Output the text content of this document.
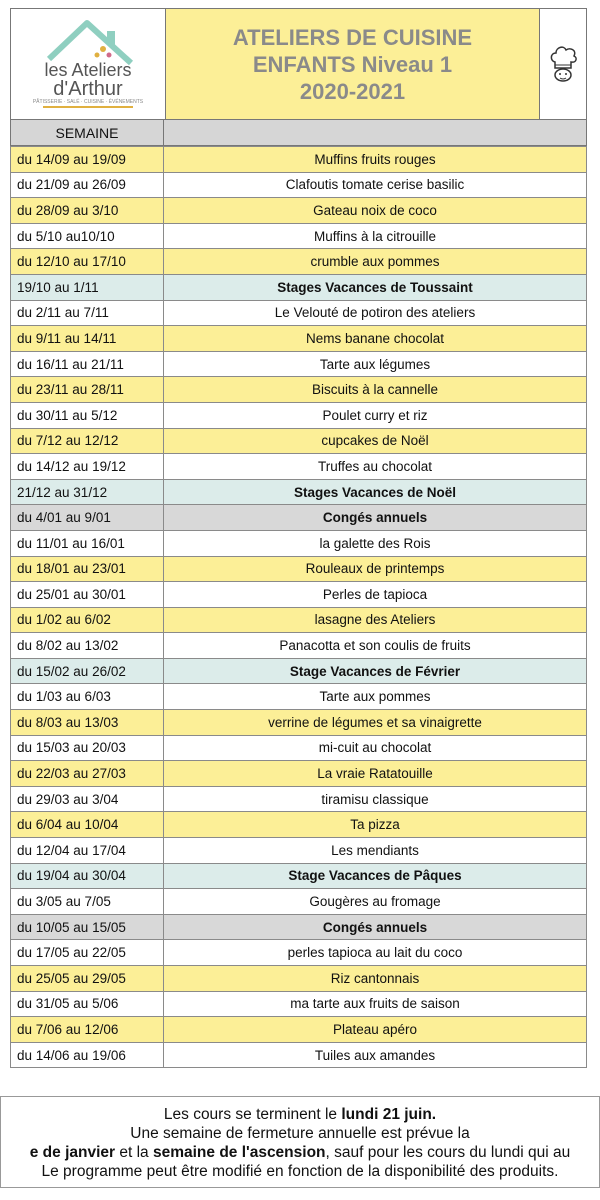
les Ateliers
d'Arthur
PÂTISSERIE · SALÉ · CUISINE · ÉVÉNEMENTS
ATELIERS DE CUISINE
ENFANTS Niveau 1
2020-2021
SEMAINE
du 14/09 au 19/09	Muffins fruits rouges
du 21/09 au 26/09	Clafoutis tomate cerise basilic
du 28/09 au 3/10	Gateau noix de coco
du 5/10 au10/10	Muffins à la citrouille
du 12/10 au 17/10	crumble aux pommes
19/10 au 1/11	Stages Vacances de Toussaint
du 2/11 au 7/11	Le Velouté de potiron des ateliers
du 9/11 au 14/11	Nems banane chocolat
du 16/11 au 21/11	Tarte aux légumes
du 23/11 au 28/11	Biscuits à la cannelle
du 30/11 au 5/12	Poulet curry et riz
du 7/12 au 12/12	cupcakes de Noël
du 14/12 au 19/12	Truffes au chocolat
21/12 au 31/12	Stages Vacances de Noël
du 4/01 au 9/01	Congés annuels
du 11/01 au 16/01	la galette des Rois
du 18/01 au 23/01	Rouleaux de printemps
du 25/01 au 30/01	Perles de tapioca
du 1/02 au 6/02	lasagne des Ateliers
du 8/02 au 13/02	Panacotta et son coulis de fruits
du 15/02 au 26/02	Stage Vacances de Février
du 1/03 au 6/03	Tarte aux pommes
du 8/03 au 13/03	verrine de légumes et sa vinaigrette
du 15/03 au 20/03	mi-cuit au chocolat
du 22/03 au 27/03	La vraie Ratatouille
du 29/03 au 3/04	tiramisu classique
du 6/04 au 10/04	Ta pizza
du 12/04 au 17/04	Les mendiants
du 19/04 au 30/04	Stage Vacances de Pâques
du 3/05 au 7/05	Gougères au fromage
du 10/05 au 15/05	Congés annuels
du 17/05 au 22/05	perles tapioca au lait du coco
du 25/05 au 29/05	Riz cantonnais
du 31/05 au 5/06	ma tarte aux fruits de saison
du 7/06 au 12/06	Plateau apéro
du 14/06 au 19/06	Tuiles aux amandes

Les cours se terminent le lundi 21 juin.

Une semaine de fermeture annuelle est prévue la

e de janvier et la semaine de l'ascension, sauf pour les cours du lundi qui au

Le programme peut être modifié en fonction de la disponibilité des produits.
